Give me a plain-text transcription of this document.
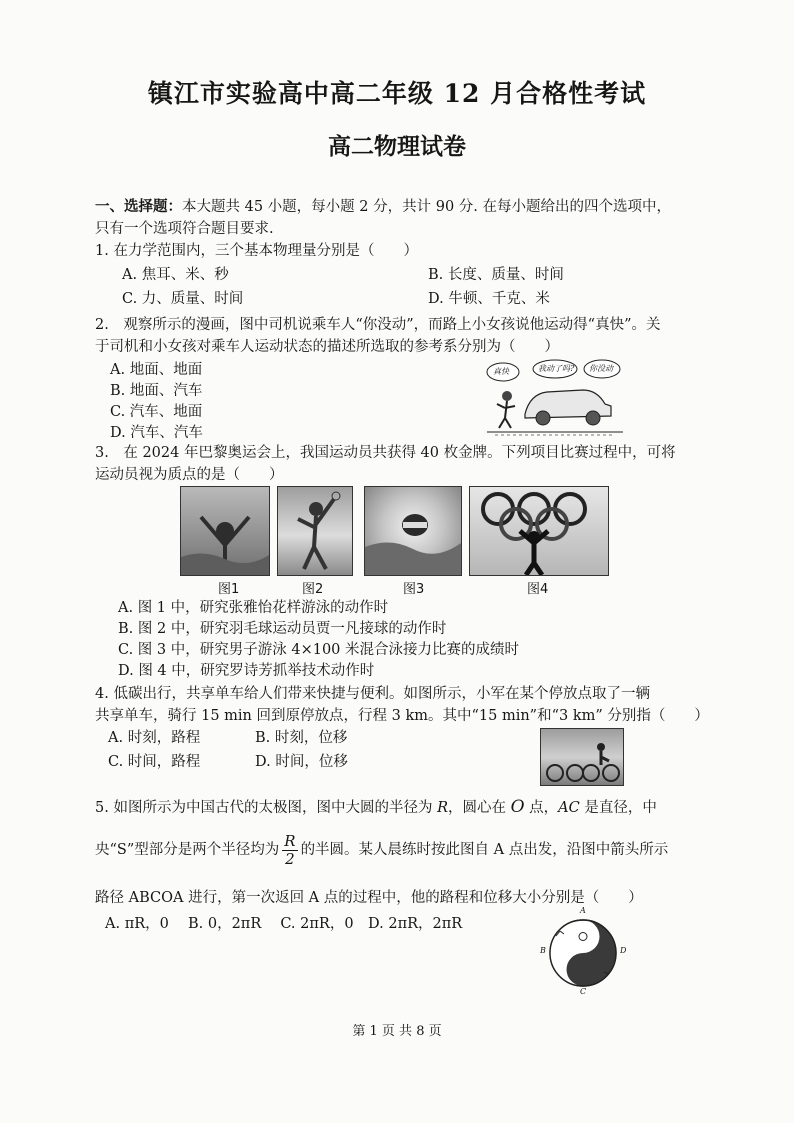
镇江市实验高中高二年级 12 月合格性考试
高二物理试卷
一、选择题：本大题共 45 小题，每小题 2 分，共计 90 分. 在每小题给出的四个选项中，
只有一个选项符合题目要求.
1. 在力学范围内，三个基本物理量分别是（　　）
A. 焦耳、米、秒	B. 长度、质量、时间
C. 力、质量、时间	D. 牛顿、千克、米
2.　观察所示的漫画，图中司机说乘车人“你没动”，而路上小女孩说他运动得“真快”。关
于司机和小女孩对乘车人运动状态的描述所选取的参考系分别为（　　）
A. 地面、地面
B. 地面、汽车
C. 汽车、地面
D. 汽车、汽车
真快	我动了吗? 你没动
3.　在 2024 年巴黎奥运会上，我国运动员共获得 40 枚金牌。下列项目比赛过程中，可将
运动员视为质点的是（　　）
图1	图2	图3	图4
A. 图 1 中，研究张雅怡花样游泳的动作时
B. 图 2 中，研究羽毛球运动员贾一凡接球的动作时
C. 图 3 中，研究男子游泳 4×100 米混合泳接力比赛的成绩时
D. 图 4 中，研究罗诗芳抓举技术动作时
4. 低碳出行，共享单车给人们带来快捷与便利。如图所示，小军在某个停放点取了一辆
共享单车，骑行 15 min 回到原停放点，行程 3 km。其中“15 min”和“3 km” 分别指（　　）
A. 时刻，路程	B. 时刻，位移
C. 时间，路程	D. 时间，位移
5. 如图所示为中国古代的太极图，图中大圆的半径为 R，圆心在 O 点，AC 是直径，中
央“S”型部分是两个半径均为 $\frac{R}{2}$ 的半圆。某人晨练时按此图自 A 点出发，沿图中箭头所示
路径 ABCOA 进行，第一次返回 A 点的过程中，他的路程和位移大小分别是（　　）
A. πR，0　 B. 0，2πR　 C. 2πR，0　D. 2πR，2πR
A
B	D
C
第 1 页 共 8 页
